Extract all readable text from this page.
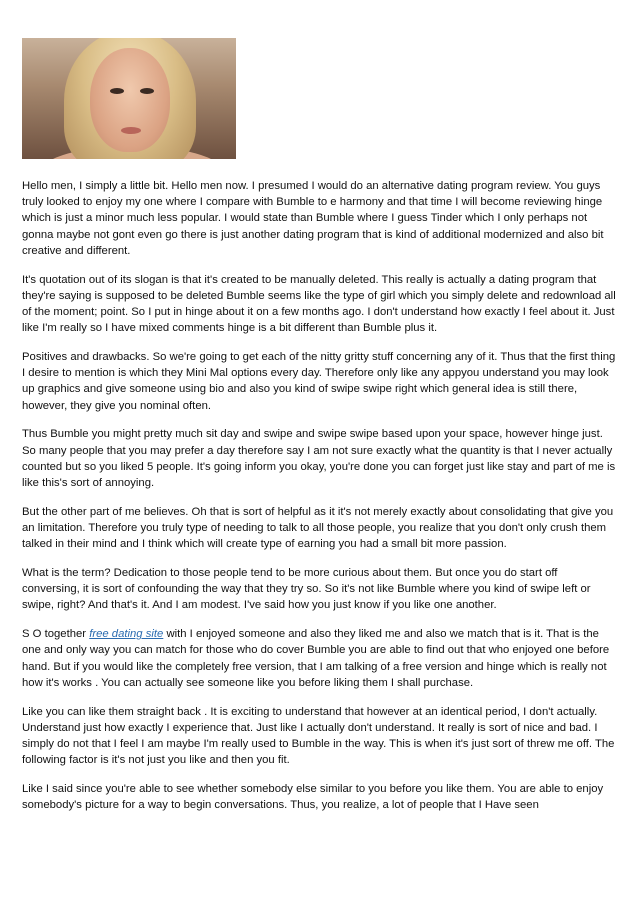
Hello men, I simply a little bit. Hello men now. I presumed I would do an alternative dating program review. You guys truly looked to enjoy my one where I compare with Bumble to e harmony and that time I will become reviewing hinge which is just a minor much less popular. I would state than Bumble where I guess Tinder which I only perhaps not gonna maybe not gont even go there is just another dating program that is kind of additional modernized and also bit creative and different.

It's quotation out of its slogan is that it's created to be manually deleted. This really is actually a dating program that they're saying is supposed to be deleted Bumble seems like the type of girl which you simply delete and redownload all of the moment; point. So I put in hinge about it on a few months ago. I don't understand how exactly I feel about it. Just like I'm really so I have mixed comments hinge is a bit different than Bumble plus it.

Positives and drawbacks. So we're going to get each of the nitty gritty stuff concerning any of it. Thus that the first thing I desire to mention is which they Mini Mal options every day. Therefore only like any appyou understand you may look up graphics and give someone using bio and also you kind of swipe swipe right which general idea is still there, however, they give you nominal often.

Thus Bumble you might pretty much sit day and swipe and swipe swipe based upon your space, however hinge just. So many people that you may prefer a day therefore say I am not sure exactly what the quantity is that I never actually counted but so you liked 5 people. It's going inform you okay, you're done you can forget just like stay and part of me is like this's sort of annoying.

But the other part of me believes. Oh that is sort of helpful as it it's not merely exactly about consolidating that give you an limitation. Therefore you truly type of needing to talk to all those people, you realize that you don't only crush them talked in their mind and I think which will create type of earning you had a small bit more passion.

What is the term? Dedication to those people tend to be more curious about them. But once you do start off conversing, it is sort of confounding the way that they try so. So it's not like Bumble where you kind of swipe left or swipe, right? And that's it. And I am modest. I've said how you just know if you like one another.

S O together free dating site with I enjoyed someone and also they liked me and also we match that is it. That is the one and only way you can match for those who do cover Bumble you are able to find out that who enjoyed one before hand. But if you would like the completely free version, that I am talking of a free version and hinge which is really not how it's works . You can actually see someone like you before liking them I shall purchase.

Like you can like them straight back . It is exciting to understand that however at an identical period, I don't actually. Understand just how exactly I experience that. Just like I actually don't understand. It really is sort of nice and bad. I simply do not that I feel I am maybe I'm really used to Bumble in the way. This is when it's just sort of threw me off. The following factor is it's not just you like and then you fit.

Like I said since you're able to see whether somebody else similar to you before you like them. You are able to enjoy somebody's picture for a way to begin conversations. Thus, you realize, a lot of people that I Have seen
